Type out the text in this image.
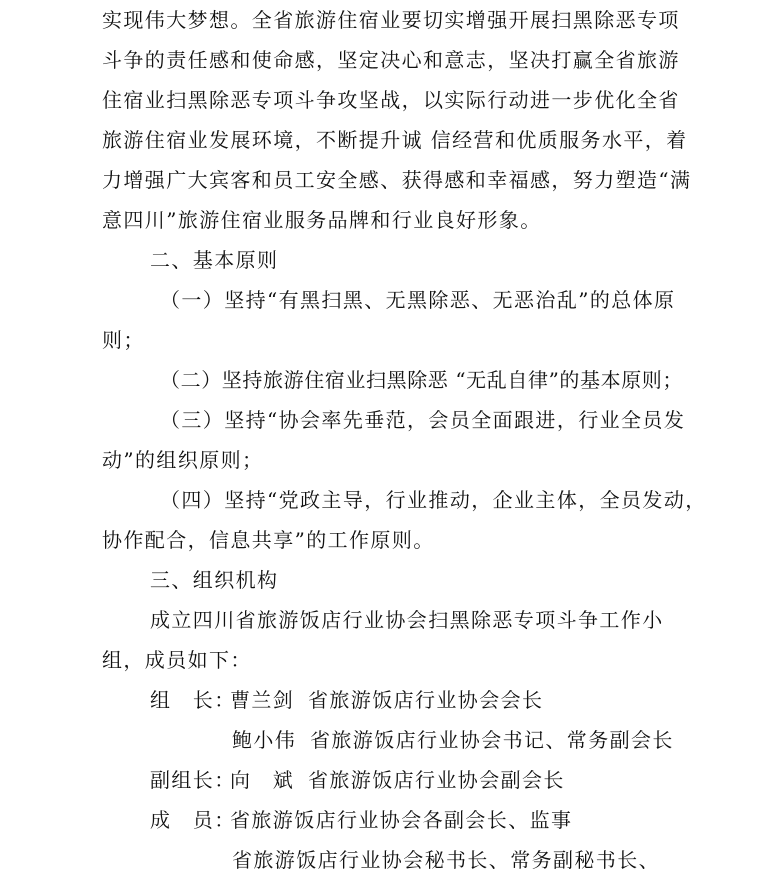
实现伟大梦想。全省旅游住宿业要切实增强开展扫黑除恶专项
斗争的责任感和使命感，坚定决心和意志，坚决打赢全省旅游
住宿业扫黑除恶专项斗争攻坚战，以实际行动进一步优化全省
旅游住宿业发展环境，不断提升诚 信经营和优质服务水平，着
力增强广大宾客和员工安全感、获得感和幸福感，努力塑造“满
意四川”旅游住宿业服务品牌和行业良好形象。
二、基本原则
（一）坚持“有黑扫黑、无黑除恶、无恶治乱”的总体原
则；
（二）坚持旅游住宿业扫黑除恶 “无乱自律”的基本原则；
（三）坚持“协会率先垂范，会员全面跟进，行业全员发
动”的组织原则；
（四）坚持“党政主导，行业推动，企业主体，全员发动，
协作配合，信息共享”的工作原则。
三、组织机构
成立四川省旅游饭店行业协会扫黑除恶专项斗争工作小
组，成员如下：
组　长：曹兰剑 省旅游饭店行业协会会长
鲍小伟 省旅游饭店行业协会书记、常务副会长
副组长：向　斌 省旅游饭店行业协会副会长
成　员：省旅游饭店行业协会各副会长、监事
省旅游饭店行业协会秘书长、常务副秘书长、
